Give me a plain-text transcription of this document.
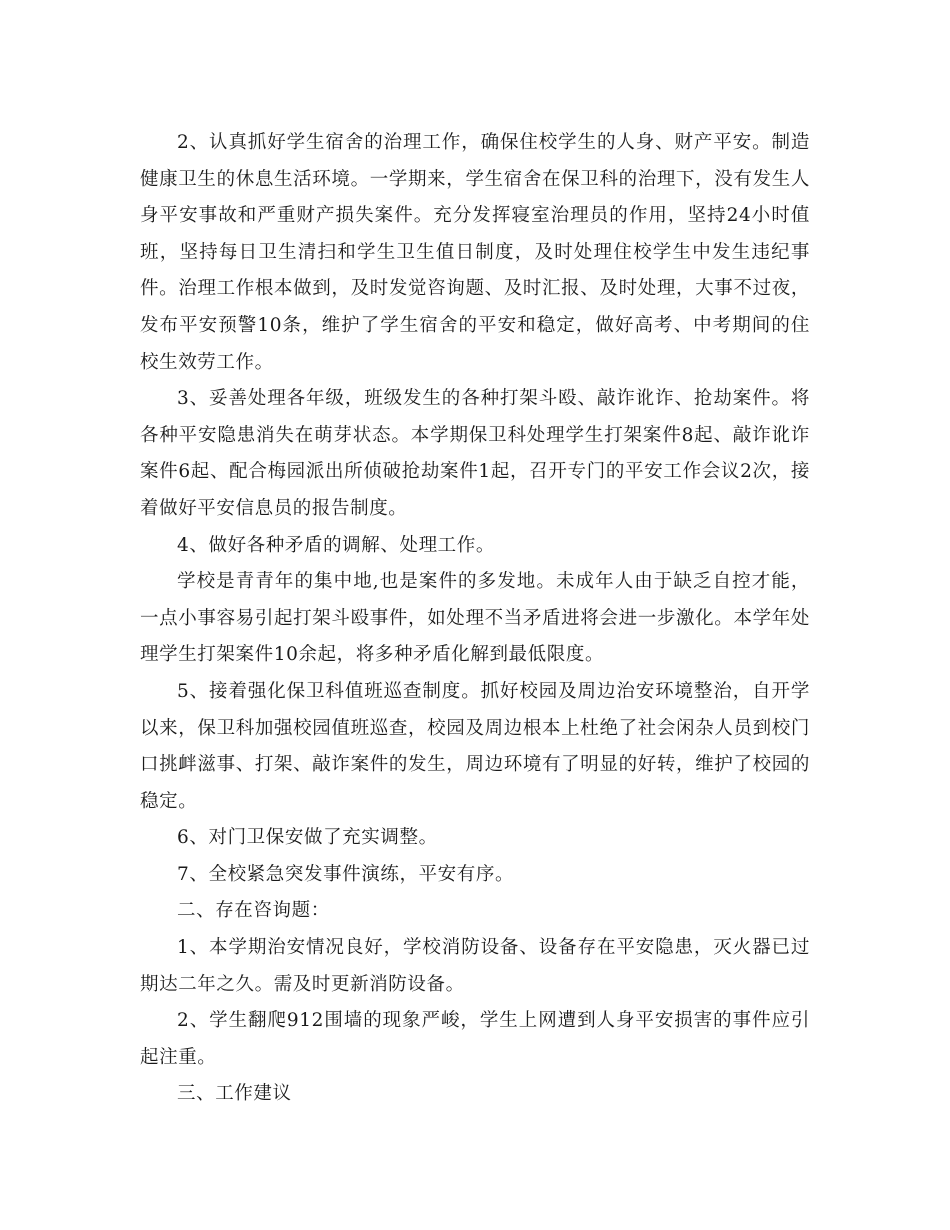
2、认真抓好学生宿舍的治理工作，确保住校学生的人身、财产平安。制造健康卫生的休息生活环境。一学期来，学生宿舍在保卫科的治理下，没有发生人身平安事故和严重财产损失案件。充分发挥寝室治理员的作用，坚持24小时值班，坚持每日卫生清扫和学生卫生值日制度，及时处理住校学生中发生违纪事件。治理工作根本做到，及时发觉咨询题、及时汇报、及时处理，大事不过夜，发布平安预警10条，维护了学生宿舍的平安和稳定，做好高考、中考期间的住校生效劳工作。

3、妥善处理各年级，班级发生的各种打架斗殴、敲诈讹诈、抢劫案件。将各种平安隐患消失在萌芽状态。本学期保卫科处理学生打架案件8起、敲诈讹诈案件6起、配合梅园派出所侦破抢劫案件1起，召开专门的平安工作会议2次，接着做好平安信息员的报告制度。

4、做好各种矛盾的调解、处理工作。

学校是青青年的集中地,也是案件的多发地。未成年人由于缺乏自控才能，一点小事容易引起打架斗殴事件，如处理不当矛盾进将会进一步激化。本学年处理学生打架案件10余起，将多种矛盾化解到最低限度。

5、接着强化保卫科值班巡查制度。抓好校园及周边治安环境整治，自开学以来，保卫科加强校园值班巡查，校园及周边根本上杜绝了社会闲杂人员到校门口挑衅滋事、打架、敲诈案件的发生，周边环境有了明显的好转，维护了校园的稳定。

6、对门卫保安做了充实调整。

7、全校紧急突发事件演练，平安有序。

二、存在咨询题：

1、本学期治安情况良好，学校消防设备、设备存在平安隐患，灭火器已过期达二年之久。需及时更新消防设备。

2、学生翻爬912围墙的现象严峻，学生上网遭到人身平安损害的事件应引起注重。

三、工作建议
